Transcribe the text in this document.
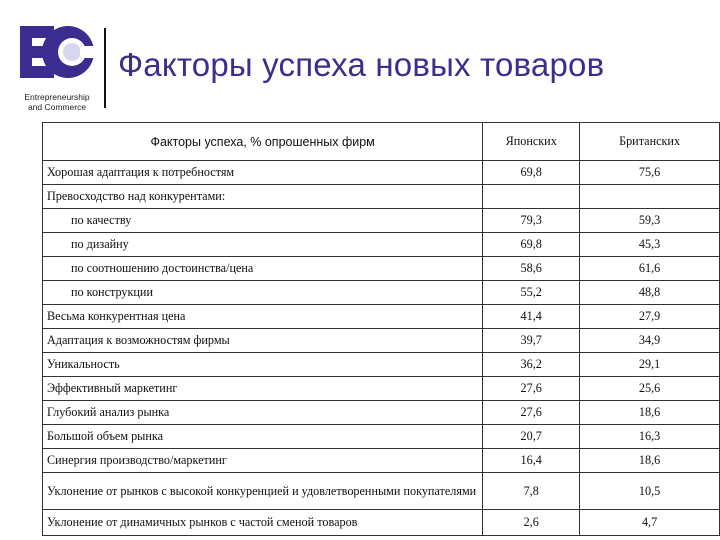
Entrepreneurship
and Commerce
Факторы успеха новых товаров
Факторы успеха, % опрошенных фирм	Японских	Британских
Хорошая адаптация к потребностям	69,8	75,6
Превосходство над конкурентами:		
по качеству	79,3	59,3
по дизайну	69,8	45,3
по соотношению достоинства/цена	58,6	61,6
по конструкции	55,2	48,8
Весьма конкурентная цена	41,4	27,9
Адаптация к возможностям фирмы	39,7	34,9
Уникальность	36,2	29,1
Эффективный маркетинг	27,6	25,6
Глубокий анализ рынка	27,6	18,6
Большой объем рынка	20,7	16,3
Синергия производство/маркетинг	16,4	18,6
Уклонение от рынков с высокой конкуренцией и удовлетворенными покупателями	7,8	10,5
Уклонение от динамичных рынков с частой сменой товаров	2,6	4,7
